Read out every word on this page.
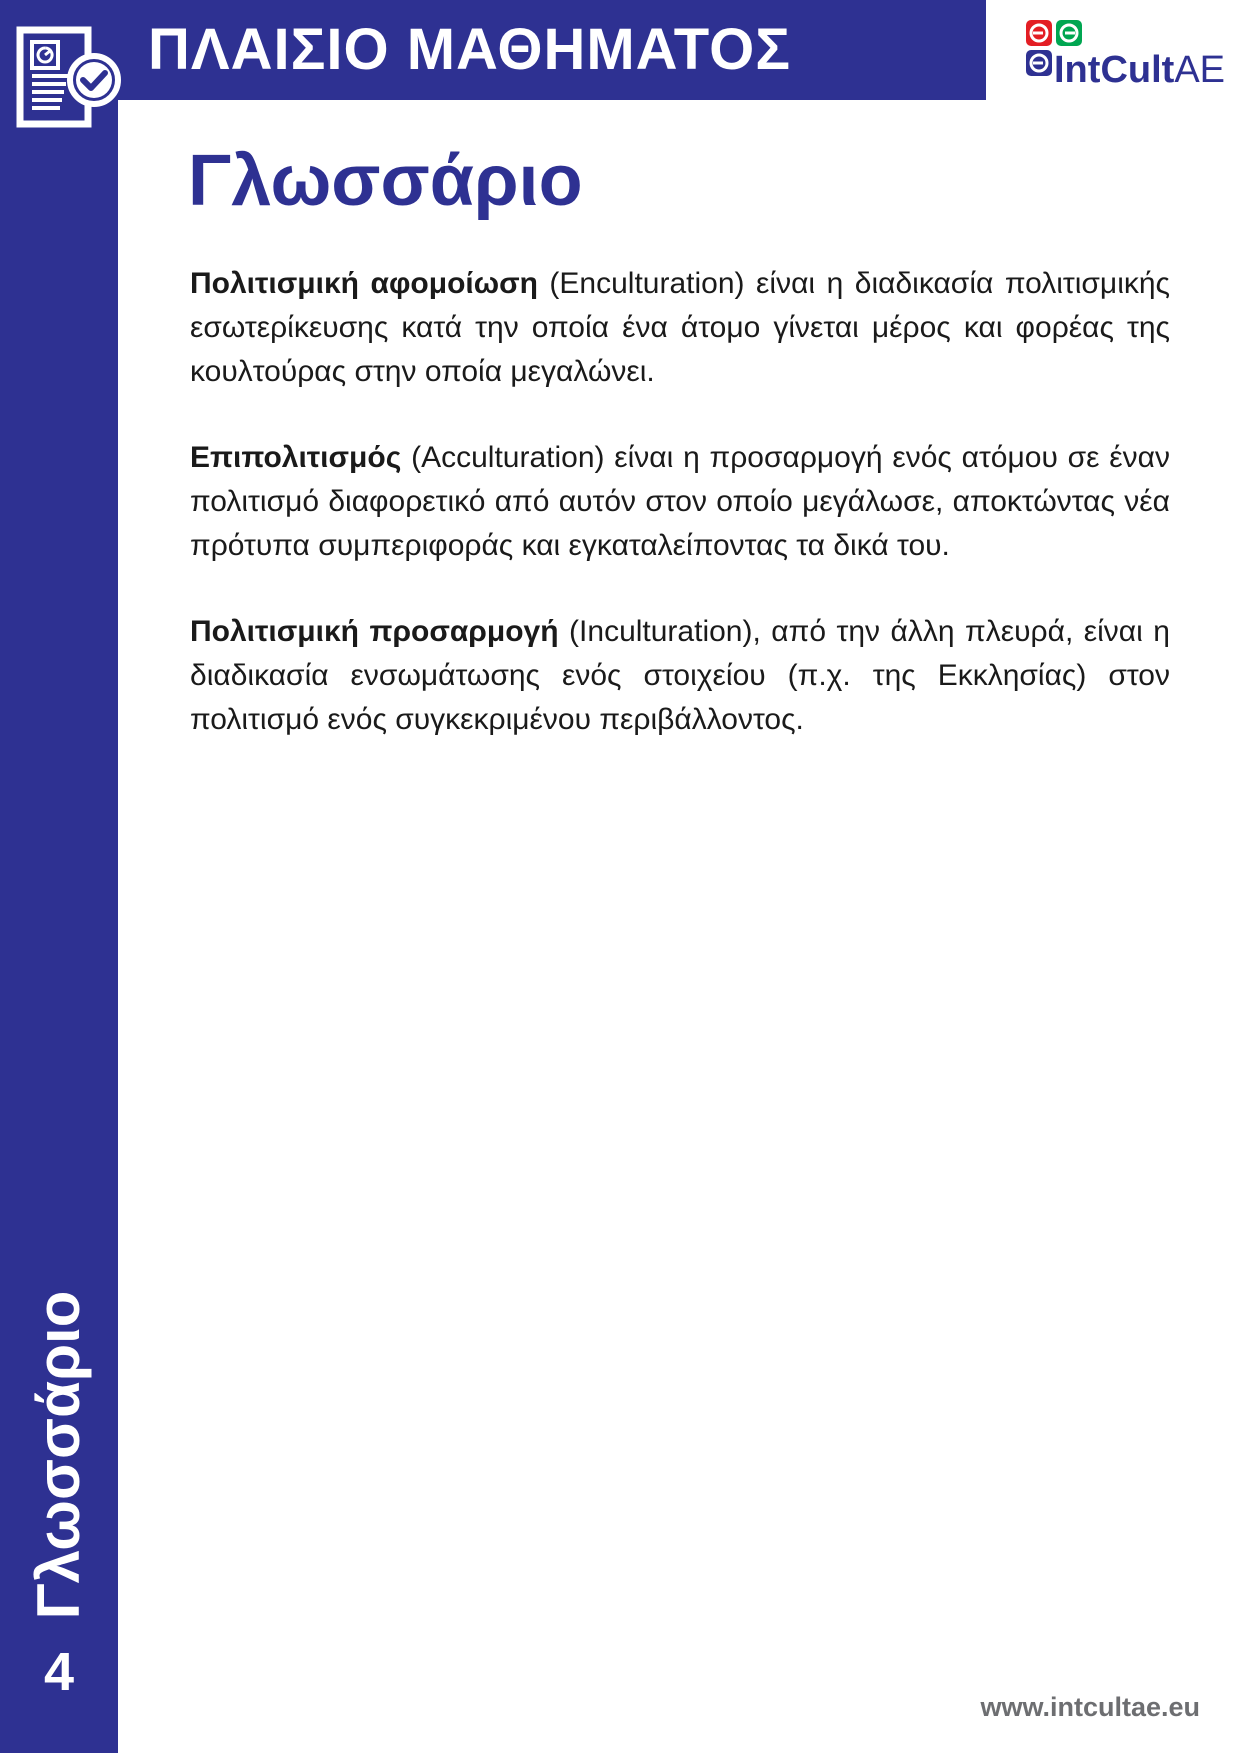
ΠΛΑΙΣΙΟ ΜΑΘΗΜΑΤΟΣ	IntCultAE
Γλωσσάριο

Πολιτισμική αφομοίωση (Enculturation) είναι η διαδικασία πολιτισμικής εσωτερίκευσης κατά την οποία ένα άτομο γίνεται μέρος και φορέας της κουλτούρας στην οποία μεγαλώνει.

Επιπολιτισμός (Acculturation) είναι η προσαρμογή ενός ατόμου σε έναν πολιτισμό διαφορετικό από αυτόν στον οποίο μεγάλωσε, αποκτώντας νέα πρότυπα συμπεριφοράς και εγκαταλείποντας τα δικά του.

Πολιτισμική προσαρμογή (Inculturation), από την άλλη πλευρά, είναι η διαδικασία ενσωμάτωσης ενός στοιχείου (π.χ. της Εκκλησίας) στον πολιτισμό ενός συγκεκριμένου περιβάλλοντος.

Γλωσσάριο
4
www.intcultae.eu
